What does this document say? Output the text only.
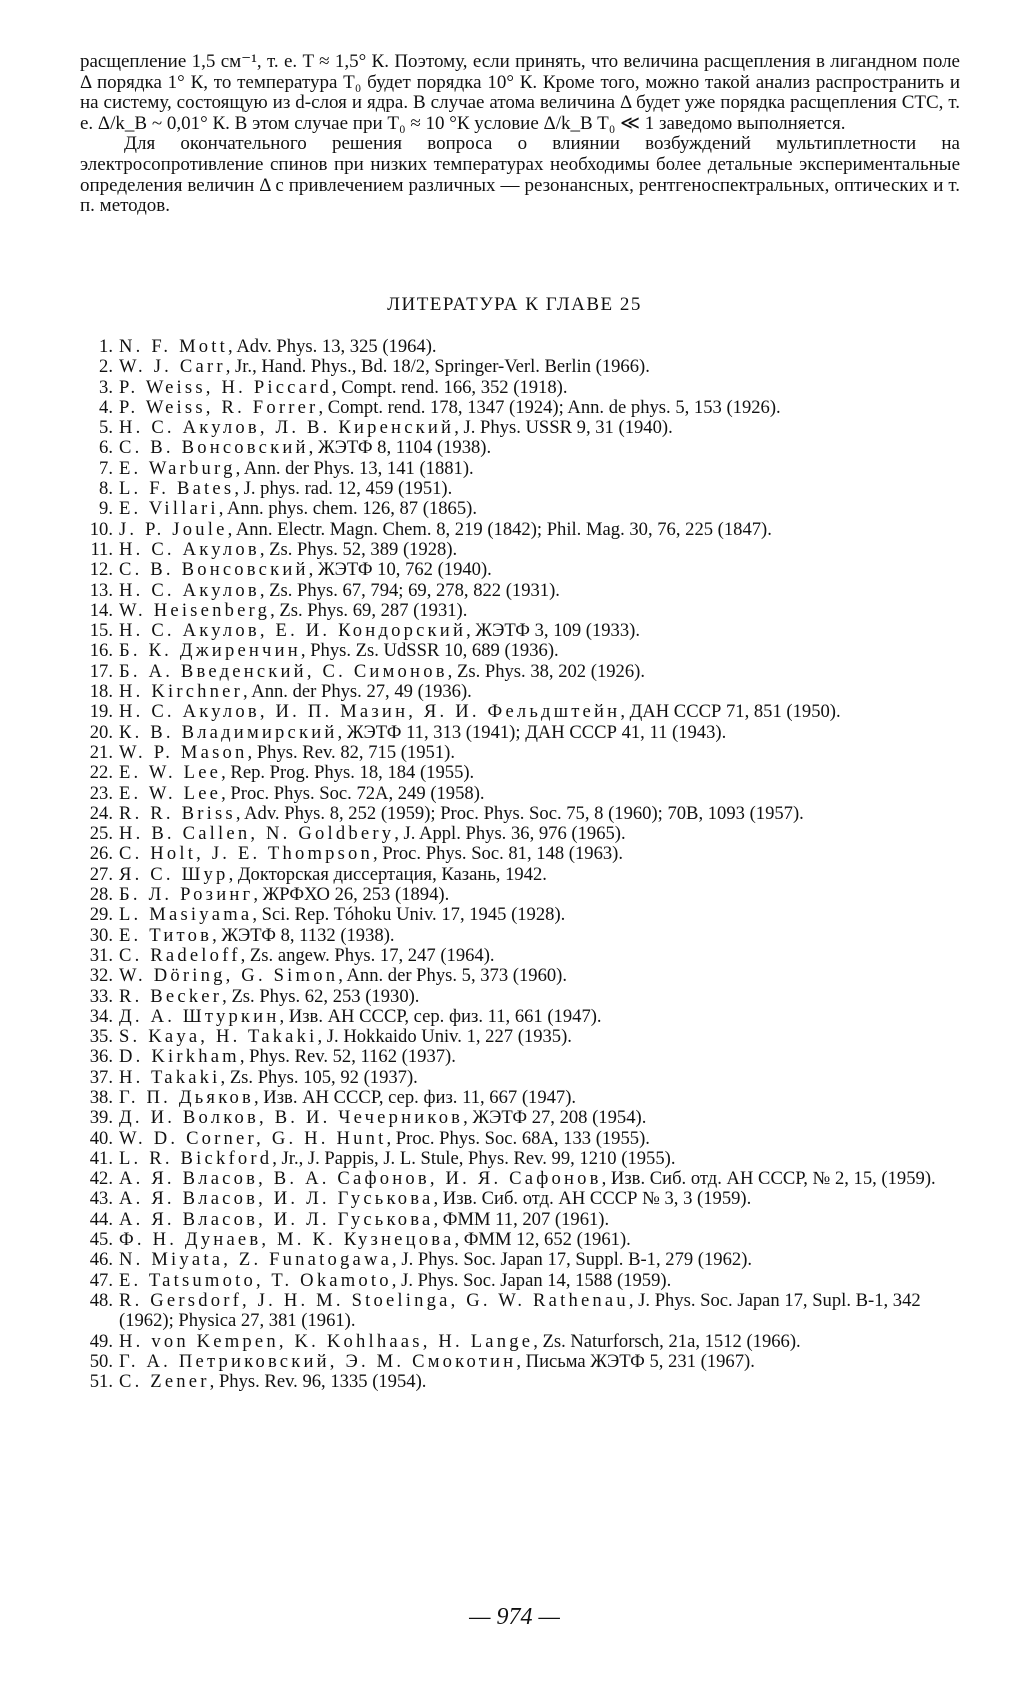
расщепление 1,5 см⁻¹, т. е. T ≈ 1,5° К. Поэтому, если принять, что величина расщепления в лигандном поле Δ порядка 1° К, то температура T₀ будет порядка 10° К. Кроме того, можно такой анализ распространить и на систему, состоящую из d-слоя и ядра. В случае атома величина Δ будет уже порядка расщепления СТС, т. е. Δ/k_B ~ 0,01° К. В этом случае при T₀ ≈ 10 °К условие Δ/k_B T₀ ≪ 1 заведомо выполняется.

Для окончательного решения вопроса о влиянии возбуждений мультиплетности на электросопротивление спинов при низких температурах необходимы более детальные экспериментальные определения величин Δ с привлечением различных — резонансных, рентгеноспектральных, оптических и т. п. методов.

ЛИТЕРАТУРА К ГЛАВЕ 25
1. N. F. Mott, Adv. Phys. 13, 325 (1964).
2. W. J. Carr, Jr., Hand. Phys., Bd. 18/2, Springer-Verl. Berlin (1966).
3. P. Weiss, H. Piccard, Compt. rend. 166, 352 (1918).
4. P. Weiss, R. Forrer, Compt. rend. 178, 1347 (1924); Ann. de phys. 5, 153 (1926).
5. Н. С. Акулов, Л. В. Киренский, J. Phys. USSR 9, 31 (1940).
6. С. В. Вонсовский, ЖЭТФ 8, 1104 (1938).
7. E. Warburg, Ann. der Phys. 13, 141 (1881).
8. L. F. Bates, J. phys. rad. 12, 459 (1951).
9. E. Villari, Ann. phys. chem. 126, 87 (1865).
10. J. P. Joule, Ann. Electr. Magn. Chem. 8, 219 (1842); Phil. Mag. 30, 76, 225 (1847).
11. Н. С. Акулов, Zs. Phys. 52, 389 (1928).
12. С. В. Вонсовский, ЖЭТФ 10, 762 (1940).
13. Н. С. Акулов, Zs. Phys. 67, 794; 69, 278, 822 (1931).
14. W. Heisenberg, Zs. Phys. 69, 287 (1931).
15. Н. С. Акулов, Е. И. Кондорский, ЖЭТФ 3, 109 (1933).
16. Б. К. Джиренчин, Phys. Zs. UdSSR 10, 689 (1936).
17. Б. А. Введенский, С. Симонов, Zs. Phys. 38, 202 (1926).
18. H. Kirchner, Ann. der Phys. 27, 49 (1936).
19. Н. С. Акулов, И. П. Мазин, Я. И. Фельдштейн, ДАН СССР 71, 851 (1950).
20. К. В. Владимирский, ЖЭТФ 11, 313 (1941); ДАН СССР 41, 11 (1943).
21. W. P. Mason, Phys. Rev. 82, 715 (1951).
22. E. W. Lee, Rep. Prog. Phys. 18, 184 (1955).
23. E. W. Lee, Proc. Phys. Soc. 72A, 249 (1958).
24. R. R. Briss, Adv. Phys. 8, 252 (1959); Proc. Phys. Soc. 75, 8 (1960); 70B, 1093 (1957).
25. H. B. Callen, N. Goldbery, J. Appl. Phys. 36, 976 (1965).
26. C. Holt, J. E. Thompson, Proc. Phys. Soc. 81, 148 (1963).
27. Я. С. Шур, Докторская диссертация, Казань, 1942.
28. Б. Л. Розинг, ЖРФХО 26, 253 (1894).
29. L. Masiyama, Sci. Rep. Tóhoku Univ. 17, 1945 (1928).
30. Е. Титов, ЖЭТФ 8, 1132 (1938).
31. C. Radeloff, Zs. angew. Phys. 17, 247 (1964).
32. W. Döring, G. Simon, Ann. der Phys. 5, 373 (1960).
33. R. Becker, Zs. Phys. 62, 253 (1930).
34. Д. А. Штуркин, Изв. АН СССР, сер. физ. 11, 661 (1947).
35. S. Kaya, H. Takaki, J. Hokkaido Univ. 1, 227 (1935).
36. D. Kirkham, Phys. Rev. 52, 1162 (1937).
37. H. Takaki, Zs. Phys. 105, 92 (1937).
38. Г. П. Дьяков, Изв. АН СССР, сер. физ. 11, 667 (1947).
39. Д. И. Волков, В. И. Чечерников, ЖЭТФ 27, 208 (1954).
40. W. D. Corner, G. H. Hunt, Proc. Phys. Soc. 68A, 133 (1955).
41. L. R. Bickford, Jr., J. Pappis, J. L. Stule, Phys. Rev. 99, 1210 (1955).
42. А. Я. Власов, В. А. Сафонов, И. Я. Сафонов, Изв. Сиб. отд. АН СССР, № 2, 15, (1959).
43. А. Я. Власов, И. Л. Гуськова, Изв. Сиб. отд. АН СССР № 3, 3 (1959).
44. А. Я. Власов, И. Л. Гуськова, ФММ 11, 207 (1961).
45. Ф. Н. Дунаев, М. К. Кузнецова, ФММ 12, 652 (1961).
46. N. Miyata, Z. Funatogawa, J. Phys. Soc. Japan 17, Suppl. B-1, 279 (1962).
47. E. Tatsumoto, T. Okamoto, J. Phys. Soc. Japan 14, 1588 (1959).
48. R. Gersdorf, J. H. M. Stoelinga, G. W. Rathenau, J. Phys. Soc. Japan 17, Supl. B-1, 342 (1962); Physica 27, 381 (1961).
49. H. von Kempen, K. Kohlhaas, H. Lange, Zs. Naturforsch, 21a, 1512 (1966).
50. Г. А. Петриковский, Э. М. Смокотин, Письма ЖЭТФ 5, 231 (1967).
51. C. Zener, Phys. Rev. 96, 1335 (1954).
— 974 —
